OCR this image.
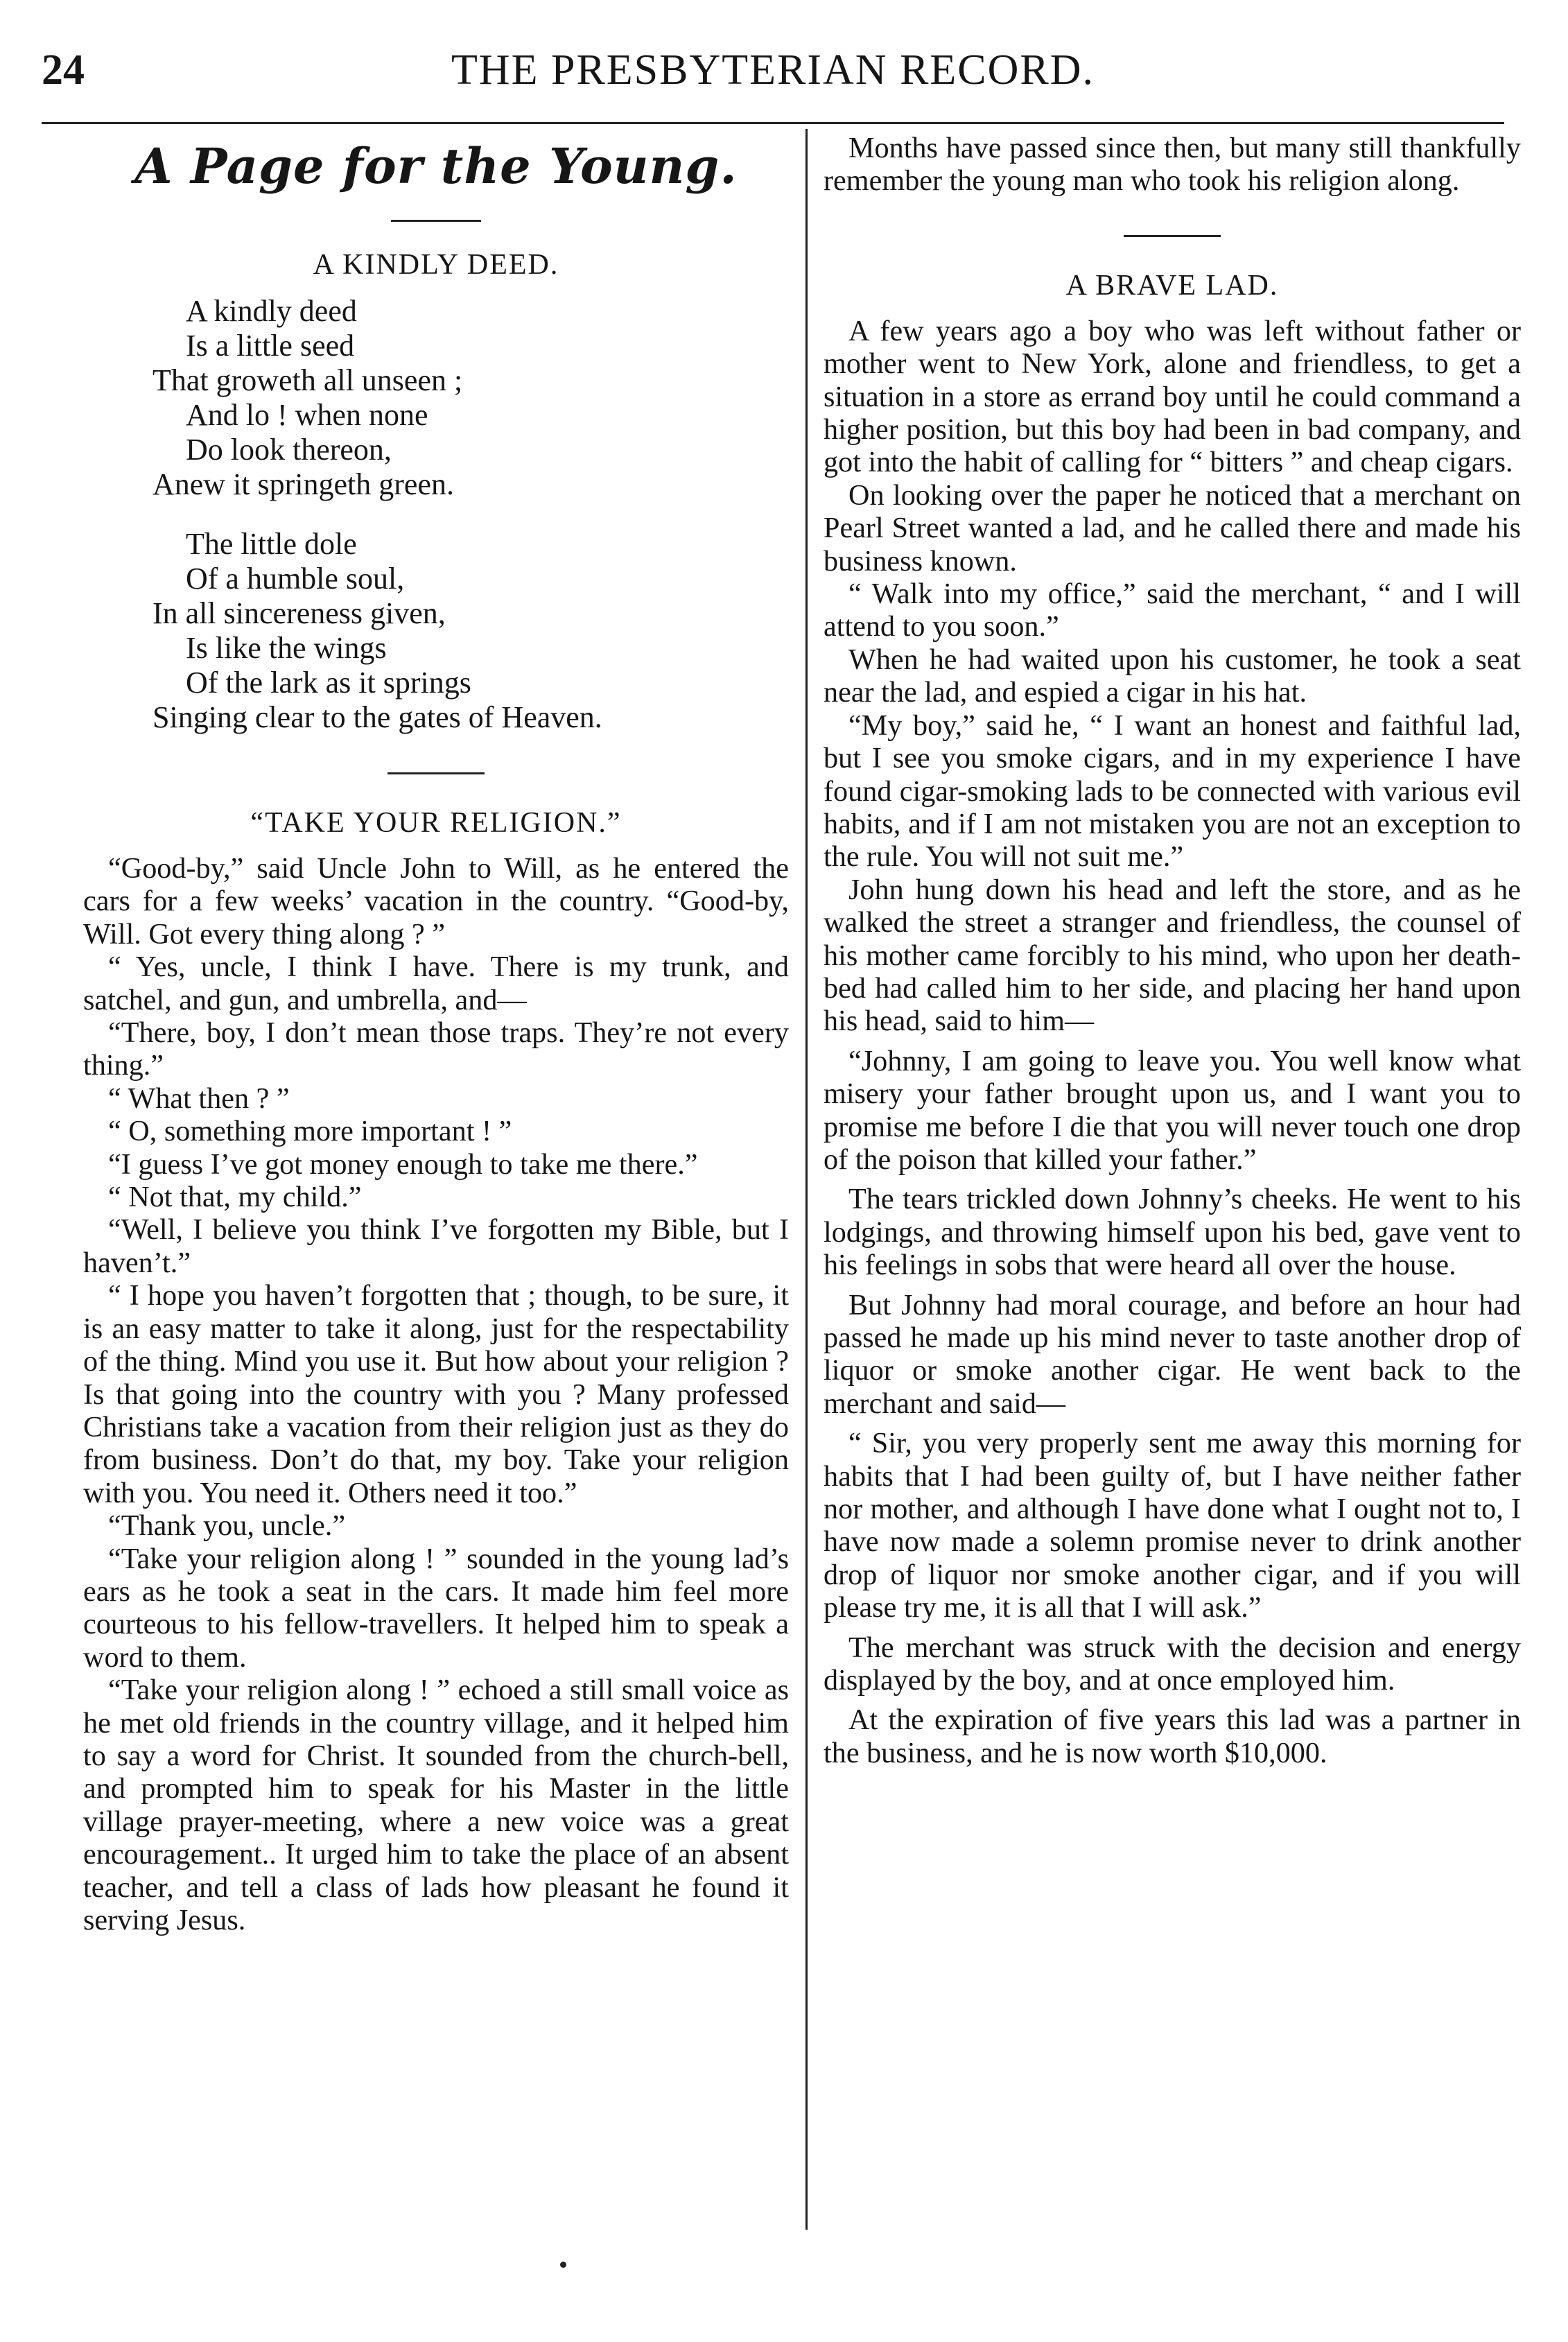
24	THE PRESBYTERIAN RECORD.
A Page for the Young.
A KINDLY DEED.
A kindly deed
Is a little seed
That groweth all unseen ;
And lo ! when none
Do look thereon,
Anew it springeth green.
The little dole
Of a humble soul,
In all sincereness given,
Is like the wings
Of the lark as it springs
Singing clear to the gates of Heaven.
“TAKE YOUR RELIGION.”

“Good-by,” said Uncle John to Will, as he entered the cars for a few weeks’ vacation in the country. “Good-by, Will. Got every thing along ? ”

“ Yes, uncle, I think I have. There is my trunk, and satchel, and gun, and umbrella, and—

“There, boy, I don’t mean those traps. They’re not every thing.”

“ What then ? ”

“ O, something more important ! ”

“I guess I’ve got money enough to take me there.”

“ Not that, my child.”

“Well, I believe you think I’ve forgotten my Bible, but I haven’t.”

“ I hope you haven’t forgotten that ; though, to be sure, it is an easy matter to take it along, just for the respectability of the thing. Mind you use it. But how about your religion ? Is that going into the country with you ? Many professed Christians take a vacation from their religion just as they do from business. Don’t do that, my boy. Take your religion with you. You need it. Others need it too.”

“Thank you, uncle.”

“Take your religion along ! ” sounded in the young lad’s ears as he took a seat in the cars. It made him feel more courteous to his fellow-travellers. It helped him to speak a word to them.

“Take your religion along ! ” echoed a still small voice as he met old friends in the country village, and it helped him to say a word for Christ. It sounded from the church-bell, and prompted him to speak for his Master in the little village prayer-meeting, where a new voice was a great encouragement.. It urged him to take the place of an absent teacher, and tell a class of lads how pleasant he found it serving Jesus.

Months have passed since then, but many still thankfully remember the young man who took his religion along.

A BRAVE LAD.

A few years ago a boy who was left without father or mother went to New York, alone and friendless, to get a situation in a store as errand boy until he could command a higher position, but this boy had been in bad company, and got into the habit of calling for “ bitters ” and cheap cigars.

On looking over the paper he noticed that a merchant on Pearl Street wanted a lad, and he called there and made his business known.

“ Walk into my office,” said the merchant, “ and I will attend to you soon.”

When he had waited upon his customer, he took a seat near the lad, and espied a cigar in his hat.

“My boy,” said he, “ I want an honest and faithful lad, but I see you smoke cigars, and in my experience I have found cigar-smoking lads to be connected with various evil habits, and if I am not mistaken you are not an exception to the rule. You will not suit me.”

John hung down his head and left the store, and as he walked the street a stranger and friendless, the counsel of his mother came forcibly to his mind, who upon her death-bed had called him to her side, and placing her hand upon his head, said to him—

“Johnny, I am going to leave you. You well know what misery your father brought upon us, and I want you to promise me before I die that you will never touch one drop of the poison that killed your father.”

The tears trickled down Johnny’s cheeks. He went to his lodgings, and throwing himself upon his bed, gave vent to his feelings in sobs that were heard all over the house.

But Johnny had moral courage, and before an hour had passed he made up his mind never to taste another drop of liquor or smoke another cigar. He went back to the merchant and said—

“ Sir, you very properly sent me away this morning for habits that I had been guilty of, but I have neither father nor mother, and although I have done what I ought not to, I have now made a solemn promise never to drink another drop of liquor nor smoke another cigar, and if you will please try me, it is all that I will ask.”

The merchant was struck with the decision and energy displayed by the boy, and at once employed him.

At the expiration of five years this lad was a partner in the business, and he is now worth $10,000.
